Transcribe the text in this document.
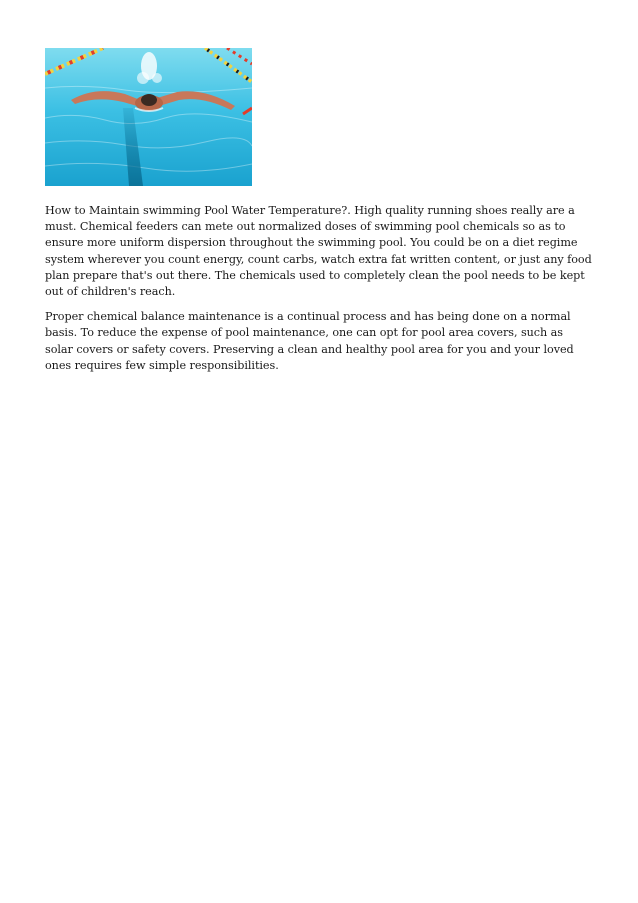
How to Maintain swimming Pool Water Temperature?. High quality running shoes really are a must. Chemical feeders can mete out normalized doses of swimming pool chemicals so as to ensure more uniform dispersion throughout the swimming pool. You could be on a diet regime system wherever you count energy, count carbs, watch extra fat written content, or just any food plan prepare that's out there. The chemicals used to completely clean the pool needs to be kept out of children's reach.

Proper chemical balance maintenance is a continual process and has being done on a normal basis. To reduce the expense of pool maintenance, one can opt for pool area covers, such as solar covers or safety covers. Preserving a clean and healthy pool area for you and your loved ones requires few simple responsibilities.
